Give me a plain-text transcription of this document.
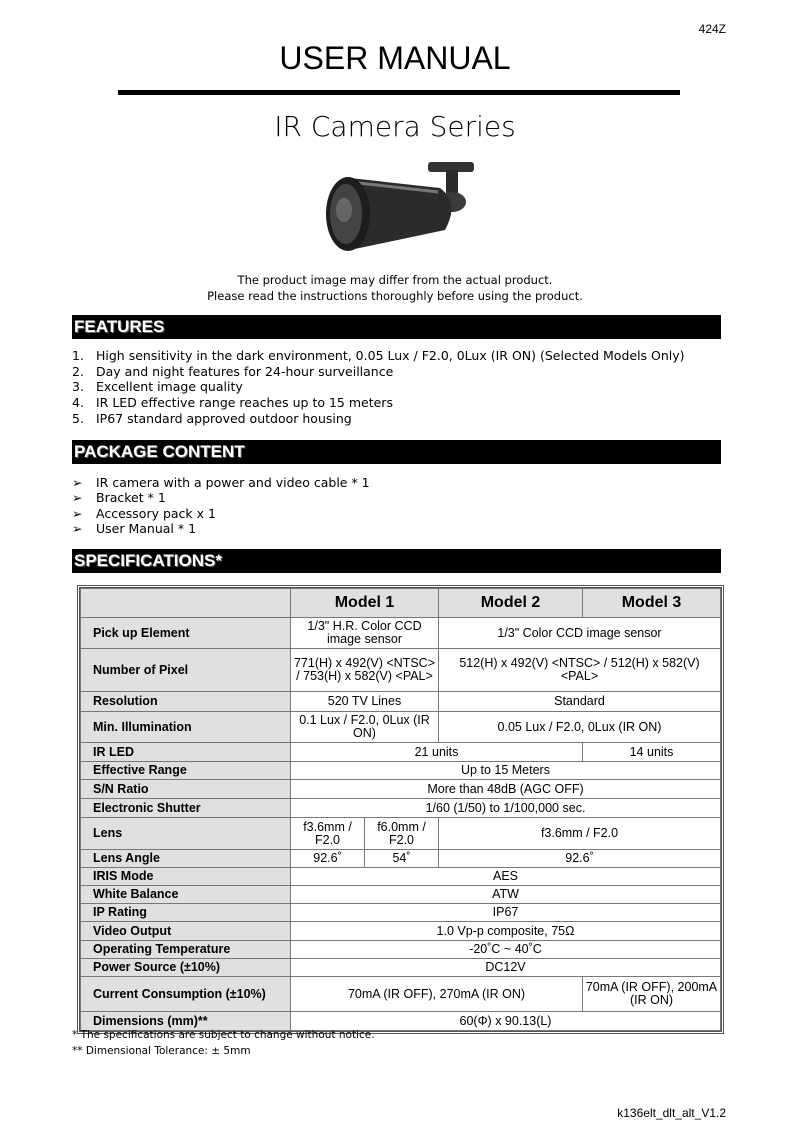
424Z
USER MANUAL
IR Camera Series
The product image may differ from the actual product.
Please read the instructions thoroughly before using the product.
FEATURES
1. High sensitivity in the dark environment, 0.05 Lux / F2.0, 0Lux (IR ON) (Selected Models Only)
2. Day and night features for 24-hour surveillance
3. Excellent image quality
4. IR LED effective range reaches up to 15 meters
5. IP67 standard approved outdoor housing
PACKAGE CONTENT
➢ IR camera with a power and video cable * 1
➢ Bracket * 1
➢ Accessory pack x 1
➢ User Manual * 1
SPECIFICATIONS*
	Model 1		Model 2	Model 3
Pick up Element	1/3" H.R. Color CCD image sensor		1/3" Color CCD image sensor	
Number of Pixel	771(H) x 492(V) <NTSC> / 753(H) x 582(V) <PAL>		512(H) x 492(V) <NTSC> / 512(H) x 582(V) <PAL>	
Resolution	520 TV Lines		Standard	
Min. Illumination	0.1 Lux / F2.0, 0Lux (IR ON)		0.05 Lux / F2.0, 0Lux (IR ON)	
IR LED	21 units			14 units
Effective Range	Up to 15 Meters			
S/N Ratio	More than 48dB (AGC OFF)			
Electronic Shutter	1/60 (1/50) to 1/100,000 sec.			
Lens	f3.6mm / F2.0	f6.0mm / F2.0	f3.6mm / F2.0	
Lens Angle	92.6˚	54˚	92.6˚	
IRIS Mode	AES			
White Balance	ATW			
IP Rating	IP67			
Video Output	1.0 Vp-p composite, 75Ω			
Operating Temperature	-20˚C ~ 40˚C			
Power Source (±10%)	DC12V			
Current Consumption (±10%)	70mA (IR OFF), 270mA (IR ON)			70mA (IR OFF), 200mA (IR ON)
Dimensions (mm)**	60(Φ) x 90.13(L)			
* The specifications are subject to change without notice.
** Dimensional Tolerance: ± 5mm
k136elt_dlt_alt_V1.2
